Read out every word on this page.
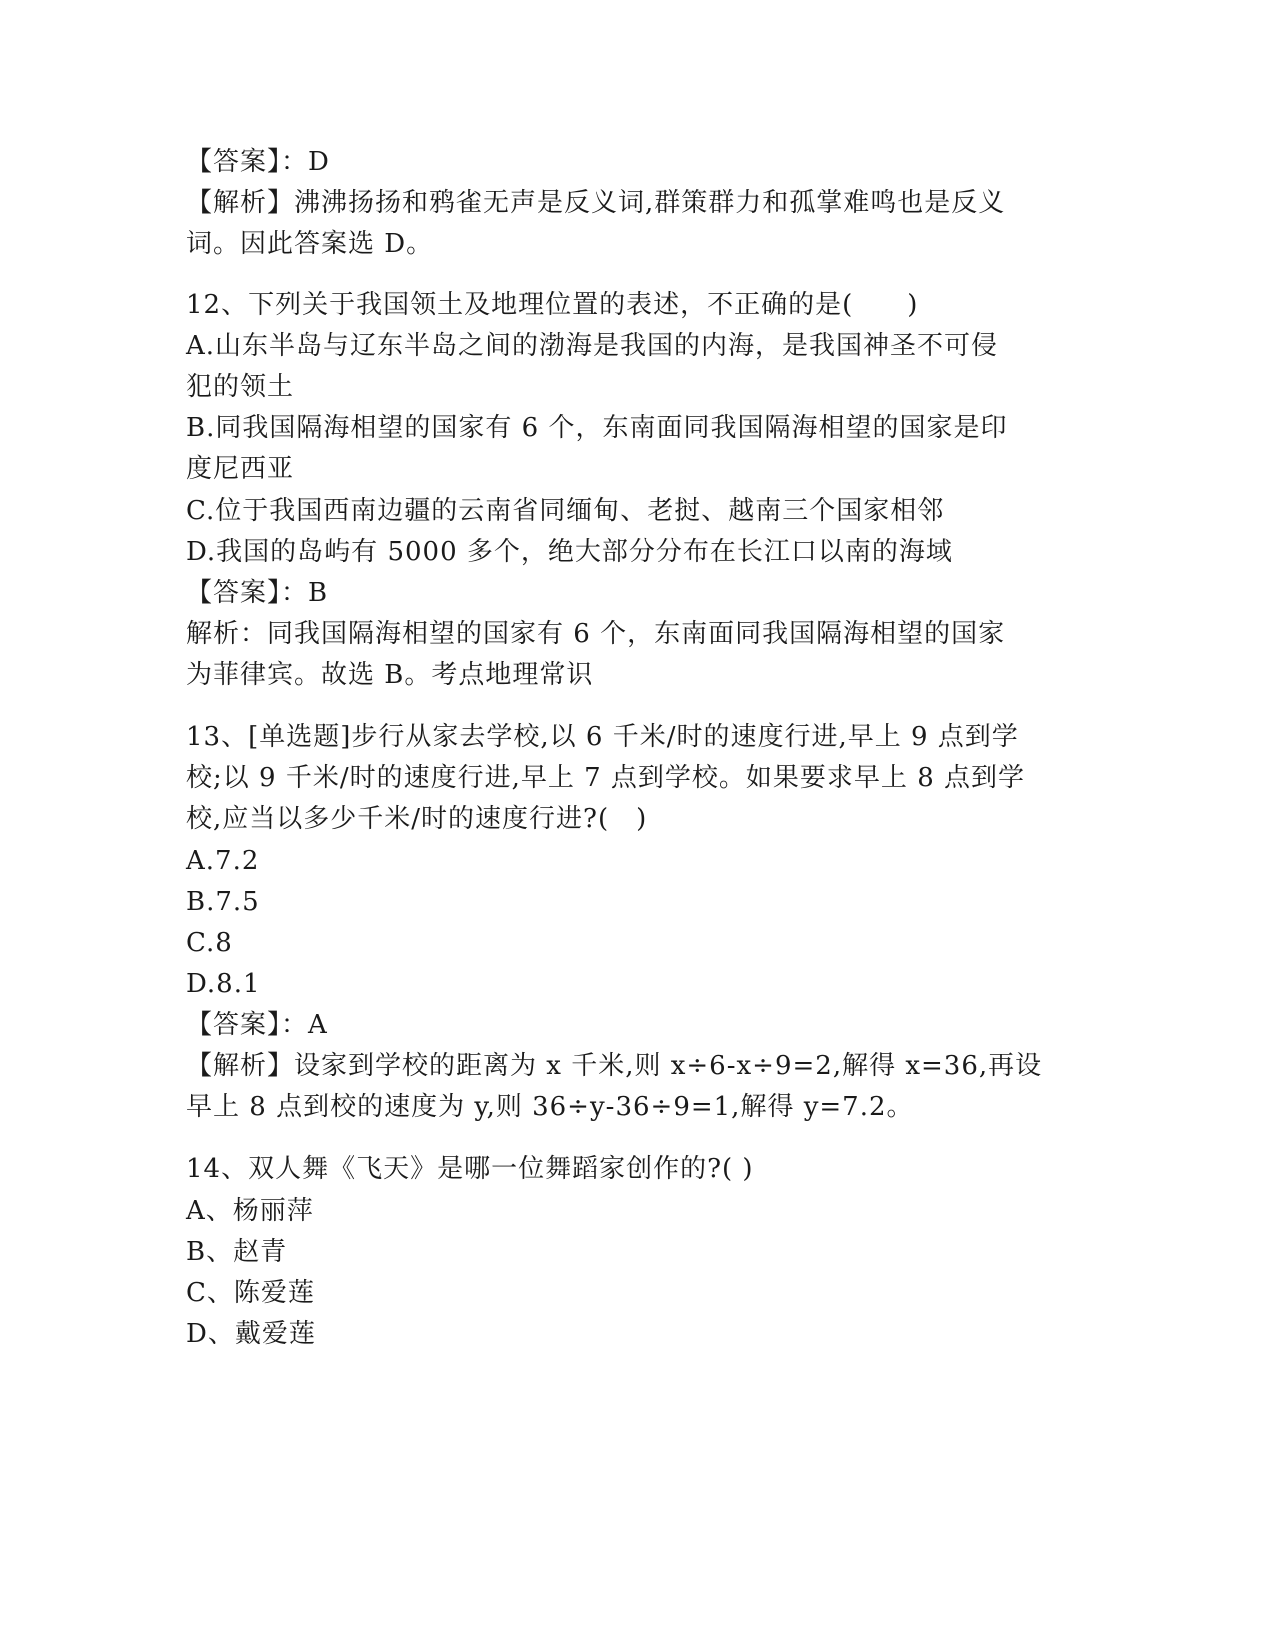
【答案】：D
【解析】沸沸扬扬和鸦雀无声是反义词,群策群力和孤掌难鸣也是反义
词。因此答案选 D。
12、下列关于我国领土及地理位置的表述，不正确的是(　　)
A.山东半岛与辽东半岛之间的渤海是我国的内海，是我国神圣不可侵
犯的领土
B.同我国隔海相望的国家有 6 个，东南面同我国隔海相望的国家是印
度尼西亚
C.位于我国西南边疆的云南省同缅甸、老挝、越南三个国家相邻
D.我国的岛屿有 5000 多个，绝大部分分布在长江口以南的海域
【答案】：B
解析：同我国隔海相望的国家有 6 个，东南面同我国隔海相望的国家
为菲律宾。故选 B。考点地理常识
13、[单选题]步行从家去学校,以 6 千米/时的速度行进,早上 9 点到学
校;以 9 千米/时的速度行进,早上 7 点到学校。如果要求早上 8 点到学
校,应当以多少千米/时的速度行进?(　)
A.7.2
B.7.5
C.8
D.8.1
【答案】：A
【解析】设家到学校的距离为 x 千米,则 x÷6-x÷9=2,解得 x=36,再设
早上 8 点到校的速度为 y,则 36÷y-36÷9=1,解得 y=7.2。
14、双人舞《飞天》是哪一位舞蹈家创作的?( )
A、杨丽萍
B、赵青
C、陈爱莲
D、戴爱莲
